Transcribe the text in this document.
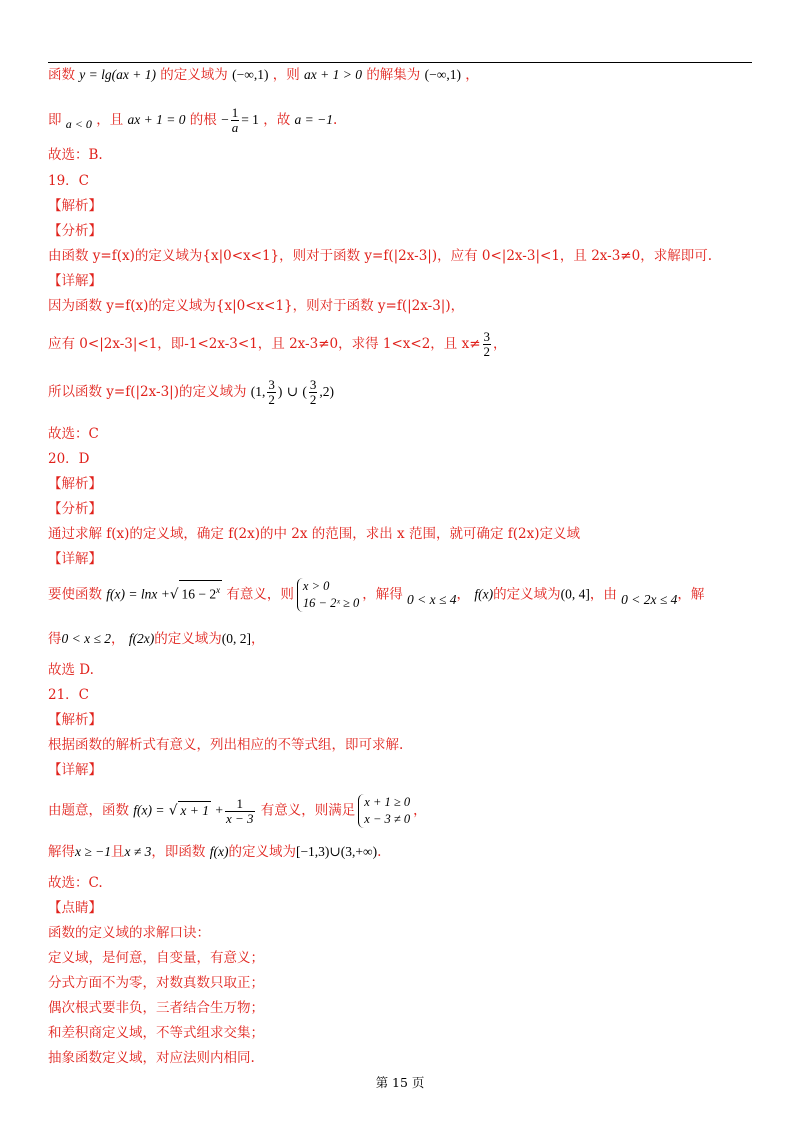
函数 y = lg(ax + 1) 的定义域为 (−∞,1) ，则 ax + 1 > 0 的解集为 (−∞,1) ，
即 a < 0 ，且 ax + 1 = 0 的根 − $\frac{1}{a} = 1$ ，故 a = −1.
故选：B.
19．C
【解析】
【分析】
由函数 y=f(x)的定义域为{x|0<x<1}，则对于函数 y=f(|2x-3|)，应有 0<|2x-3|<1，且 2x-3≠0，求解即可.
【详解】
因为函数 y=f(x)的定义域为{x|0<x<1}，则对于函数 y=f(|2x-3|)，
应有 0<|2x-3|<1，即-1<2x-3<1，且 2x-3≠0，求得 1<x<2，且 $x\ne \frac{3}{2}$ ，
所以函数 y=f(|2x-3|)的定义域为 (1, $\frac{3}{2}$ ) ∪ ( $\frac{3}{2} ,2$)
故选：C
20．D
【解析】
【分析】
通过求解 f(x)的定义域，确定 f(2x)的中 2x 的范围，求出 x 范围，就可确定 f(2x)定义域
【详解】
要使函数 f(x) = lnx +√ $16 - 2^x$ 有意义，则
x > 0
16 − 2ˣ ≥ 0
，解得 0 < x ≤ 4， f(x)的定义域为(0, 4]，由 0 < 2x ≤ 4，解
得0 < x ≤ 2， f(2x)的定义域为(0, 2]，
故选 D.
21．C
【解析】
根据函数的解析式有意义，列出相应的不等式组，即可求解.
【详解】
由题意，函数 f(x) = √ $x + 1 + \frac{1}{x - 3}$ 有意义，则满足
x + 1 ≥ 0
x − 3 ≠ 0
，
解得x ≥ −1且x ≠ 3，即函数 f(x)的定义域为[−1,3)∪(3,+∞).
故选：C.
【点睛】
函数的定义域的求解口诀：
定义域，是何意，自变量，有意义；
分式方面不为零，对数真数只取正；
偶次根式要非负，三者结合生万物；
和差积商定义域，不等式组求交集；
抽象函数定义域，对应法则内相同.
第 15 页
